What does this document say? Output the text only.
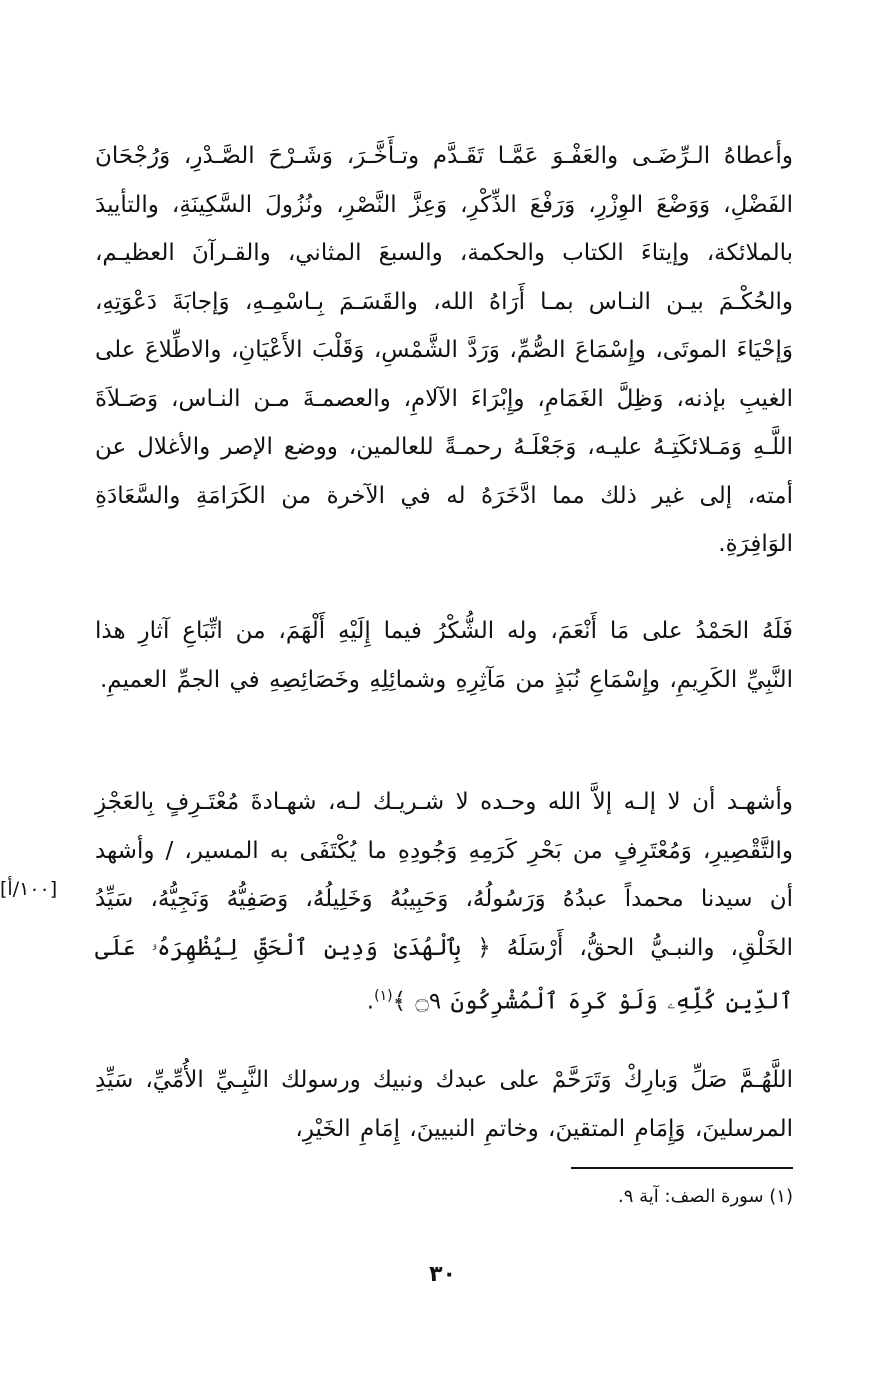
وأعطاهُ الـرِّضَـى والعَفْـوَ عَمَّـا تَقَـدَّم وتـأَخَّـرَ، وَشَـرْحَ الصَّـدْرِ، وَرُجْحَانَ الفَضْلِ، وَوَضْعَ الوِزْرِ، وَرَفْعَ الذِّكْرِ، وَعِزَّ النَّصْرِ، ونُزُولَ السَّكِينَةِ، والتأييدَ بالملائكة، وإيتاءَ الكتاب والحكمة، والسبعَ المثاني، والقـرآنَ العظيـم، والحُكْـمَ بيـن النـاس بمـا أَرَاهُ الله، والقَسَـمَ بِـاسْمِـهِ، وَإجابَةَ دَعْوَتِهِ، وَإحْيَاءَ الموتَى، وإِسْمَاعَ الصُّمِّ، وَرَدَّ الشَّمْسِ، وَقَلْبَ الأَعْيَانِ، والاطِّلاعَ على الغيبِ بإذنه، وَظِلَّ الغَمَامِ، وإِبْرَاءَ الآلامِ، والعصمـةَ مـن النـاس، وَصَـلاَةَ اللَّـهِ وَمَـلائكَتِـهُ عليـه، وَجَعْلَـهُ رحمـةً للعالمين، ووضع الإصر والأغلال عن أمته، إلى غير ذلك مما ادَّخَرَهُ له في الآخرة من الكَرَامَةِ والسَّعَادَةِ الوَافِرَةِ.

فَلَهُ الحَمْدُ على مَا أَنْعَمَ، وله الشُّكْرُ فيما إِلَيْهِ أَلْهَمَ، من اتِّبَاعِ آثارِ هذا النَّبِيِّ الكَرِيمِ، وإِسْمَاعِ نُبَذٍ من مَآثِرِهِ وشمائِلِهِ وخَصَائِصِهِ في الجمِّ العميمِ.

وأشهـد أن لا إلـه إلاَّ الله وحـده لا شـريـك لـه، شهـادةَ مُعْتَـرِفٍ بِالعَجْزِ والتَّقْصِيرِ، وَمُعْتَرِفٍ من بَحْرِ كَرَمِهِ وَجُودِهِ ما يُكْتَفَى به المسير، / وأشهد أن سيدنا محمداً عبدُهُ وَرَسُولُهُ، وَحَبِيبُهُ وَخَلِيلُهُ، وَصَفِيُّهُ وَنَجِيُّهُ، سَيِّدُ الخَلْقِ، والنبـيُّ الحقُّ، أَرْسَلَهُ ﴿ بِٱلْهُدَىٰ وَدِينِ ٱلْحَقِّ لِيُظْهِرَهُۥ عَلَى ٱلدِّينِ كُلِّهِۦ وَلَوْ كَرِهَ ٱلْمُشْرِكُونَ ۝٩ ﴾$^{(١)}$.

[١٠٠/أ]

اللَّهُـمَّ صَلِّ وَبارِكْ وَتَرَحَّمْ على عبدك ونبيك ورسولك النَّبِـيِّ الأُمِّيِّ، سَيِّدِ المرسلينَ، وَإِمَامِ المتقينَ، وخاتمِ النبيينَ، إِمَامِ الخَيْرِ،

(١) سورة الصف: آية ٩.
٣٠
